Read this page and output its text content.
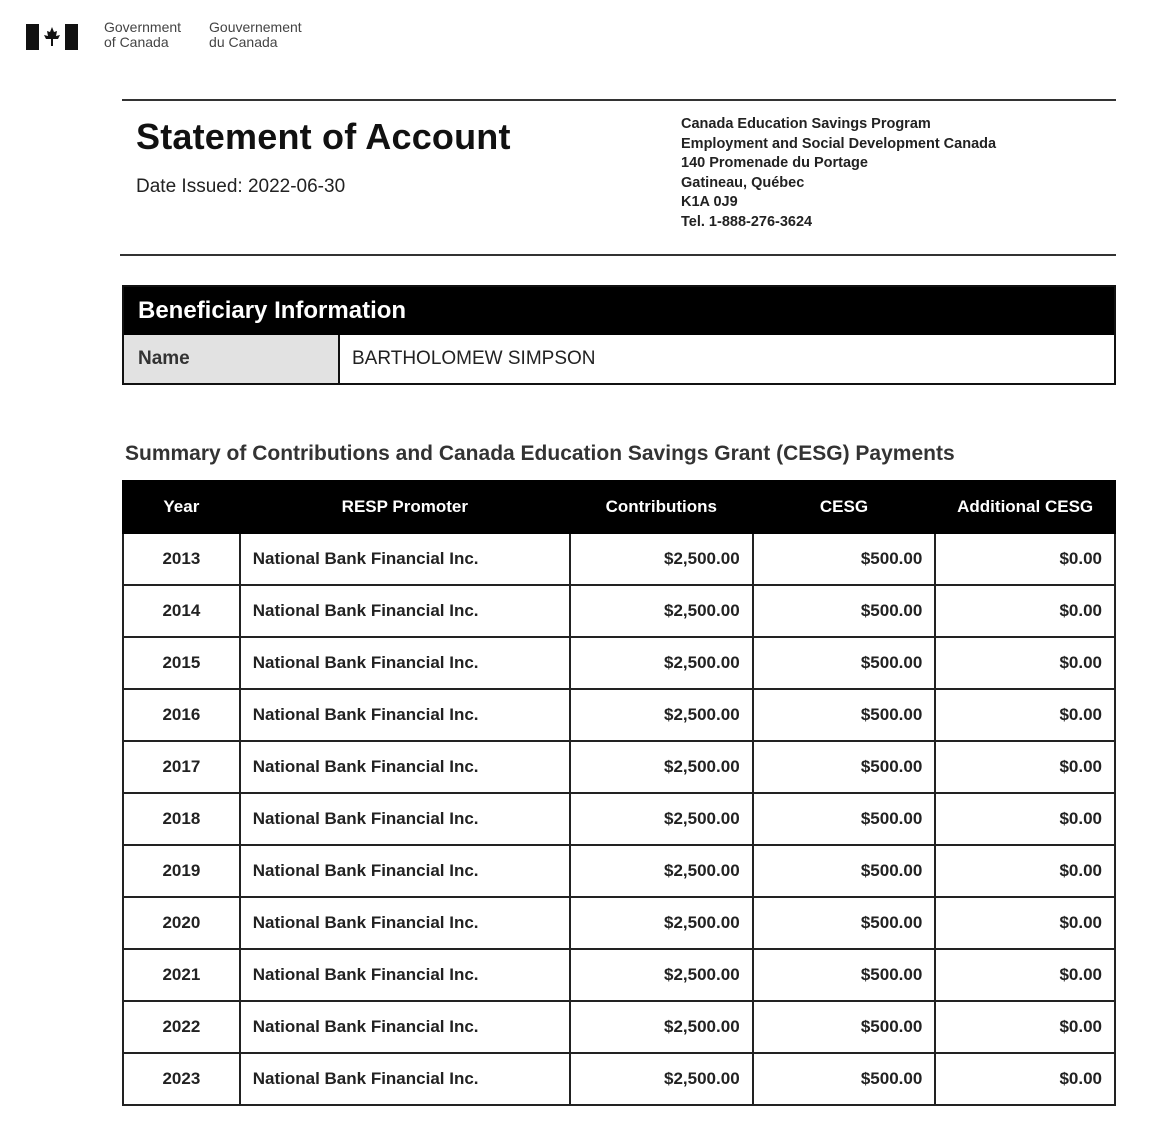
Government
of Canada
Gouvernement
du Canada
Statement of Account
Date Issued: 2022-06-30
Canada Education Savings Program
Employment and Social Development Canada
140 Promenade du Portage
Gatineau, Québec
K1A 0J9
Tel. 1-888-276-3624
Beneficiary Information
Name	BARTHOLOMEW SIMPSON
Summary of Contributions and Canada Education Savings Grant (CESG) Payments
Year	RESP Promoter	Contributions	CESG	Additional CESG
2013	National Bank Financial Inc.	$2,500.00	$500.00	$0.00
2014	National Bank Financial Inc.	$2,500.00	$500.00	$0.00
2015	National Bank Financial Inc.	$2,500.00	$500.00	$0.00
2016	National Bank Financial Inc.	$2,500.00	$500.00	$0.00
2017	National Bank Financial Inc.	$2,500.00	$500.00	$0.00
2018	National Bank Financial Inc.	$2,500.00	$500.00	$0.00
2019	National Bank Financial Inc.	$2,500.00	$500.00	$0.00
2020	National Bank Financial Inc.	$2,500.00	$500.00	$0.00
2021	National Bank Financial Inc.	$2,500.00	$500.00	$0.00
2022	National Bank Financial Inc.	$2,500.00	$500.00	$0.00
2023	National Bank Financial Inc.	$2,500.00	$500.00	$0.00
